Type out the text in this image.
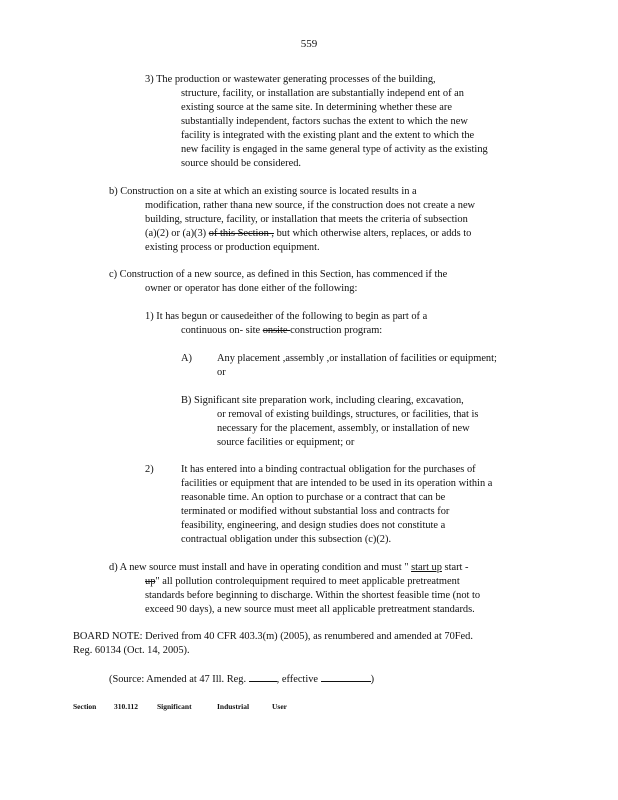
559
3) The production or wastewater generating processes of the building,
structure, facility, or installation are substantially independ ent of an
existing source at the same site. In determining whether these are
substantially independent, factors suchas the extent to which the new
facility is integrated with the existing plant and the extent to which the
new facility is engaged in the same general type of activity as the existing
source should be considered.
b) Construction on a site at which an existing source is located results in a
modification, rather thana new source, if the construction does not create a new
building, structure, facility, or installation that meets the criteria of subsection
(a)(2) or (a)(3) of this Section , but which otherwise alters, replaces, or adds to
existing process or production equipment.
c) Construction of a new source, as defined in this Section, has commenced if the
owner or operator has done either of the following:
1) It has begun or causedeither of the following to begin as part of a
continuous on- site onsite construction program:
A) Any placement ,assembly ,or installation of facilities or equipment;
or
B) Significant site preparation work, including clearing, excavation,
or removal of existing buildings, structures, or facilities, that is
necessary for the placement, assembly, or installation of new
source facilities or equipment; or
2)	It has entered into a binding contractual obligation for the purchases of
facilities or equipment that are intended to be used in its operation within a
reasonable time. An option to purchase or a contract that can be
terminated or modified without substantial loss and contracts for
feasibility, engineering, and design studies does not constitute a
contractual obligation under this subsection (c)(2).
d) A new source must install and have in operating condition and must " start up start -
up" all pollution controlequipment required to meet applicable pretreatment
standards before beginning to discharge. Within the shortest feasible time (not to
exceed 90 days), a new source must meet all applicable pretreatment standards.
BOARD NOTE: Derived from 40 CFR 403.3(m) (2005), as renumbered and amended at 70Fed.
Reg. 60134 (Oct. 14, 2005).
(Source: Amended at 47 Ill. Reg.	, effective	)
Section 310.112	Significant	Industrial	User
